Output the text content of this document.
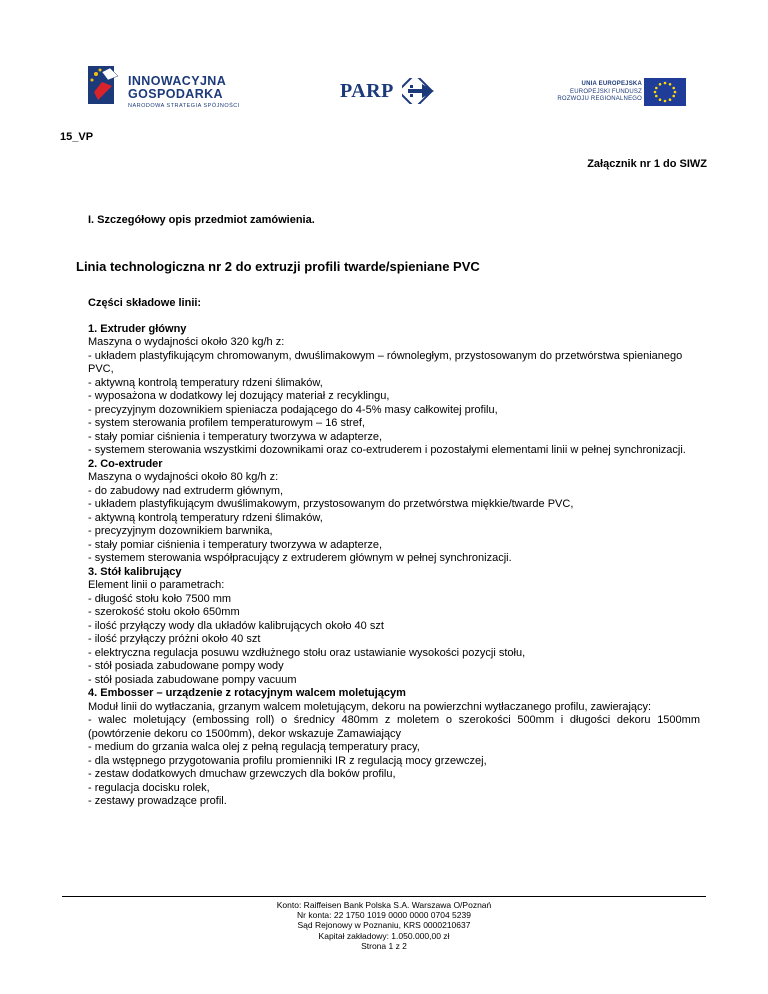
INNOWACYJNA
GOSPODARKA
NARODOWA STRATEGIA SPÓJNOŚCI
PARP	UNIA EUROPEJSKA
EUROPEJSKI FUNDUSZ
ROZWOJU REGIONALNEGO
15_VP
Załącznik nr 1 do SIWZ
I. Szczegółowy opis przedmiot zamówienia.
Linia technologiczna nr 2 do extruzji profili twarde/spieniane PVC
Części składowe linii:
1. Extruder główny
Maszyna o wydajności około 320 kg/h z:
- układem plastyfikującym chromowanym, dwuślimakowym – równoległym, przystosowanym do przetwórstwa spienianego PVC,
- aktywną kontrolą temperatury rdzeni ślimaków,
- wyposażona w dodatkowy lej dozujący materiał z recyklingu,
- precyzyjnym dozownikiem spieniacza podającego do 4-5% masy całkowitej profilu,
- system sterowania profilem temperaturowym – 16 stref,
- stały pomiar ciśnienia i temperatury tworzywa w adapterze,
- systemem sterowania wszystkimi dozownikami oraz co-extruderem i pozostałymi elementami linii w pełnej synchronizacji.
2. Co-extruder
Maszyna o wydajności około 80 kg/h z:
- do zabudowy nad extruderm głównym,
- układem plastyfikującym dwuślimakowym, przystosowanym do przetwórstwa miękkie/twarde PVC,
- aktywną kontrolą temperatury rdzeni ślimaków,
- precyzyjnym dozownikiem barwnika,
- stały pomiar ciśnienia i temperatury tworzywa w adapterze,
- systemem sterowania współpracujący z extruderem głównym w pełnej synchronizacji.
3. Stół kalibrujący
Element linii o parametrach:
- długość stołu koło 7500 mm
- szerokość stołu około 650mm
- ilość przyłączy wody dla układów kalibrujących około 40 szt
- ilość przyłączy próżni około 40 szt
- elektryczna regulacja posuwu wzdłużnego stołu oraz ustawianie wysokości pozycji stołu,
- stół posiada zabudowane pompy wody
- stół posiada zabudowane pompy vacuum
4. Embosser – urządzenie z rotacyjnym walcem moletującym
Moduł linii do wytłaczania, grzanym walcem moletującym, dekoru na powierzchni wytłaczanego profilu, zawierający:
- walec moletujący (embossing roll) o średnicy 480mm z moletem o szerokości 500mm i długości dekoru 1500mm (powtórzenie dekoru co 1500mm), dekor wskazuje Zamawiający
- medium do grzania walca olej z pełną regulacją temperatury pracy,
- dla wstępnego przygotowania profilu promienniki IR z regulacją mocy grzewczej,
- zestaw dodatkowych dmuchaw grzewczych dla boków profilu,
- regulacja docisku rolek,
- zestawy prowadzące profil.
Konto: Raiffeisen Bank Polska S.A. Warszawa O/Poznań
Nr konta: 22 1750 1019 0000 0000 0704 5239
Sąd Rejonowy w Poznaniu, KRS 0000210637
Kapitał zakładowy: 1.050.000,00 zł
Strona 1 z 2
